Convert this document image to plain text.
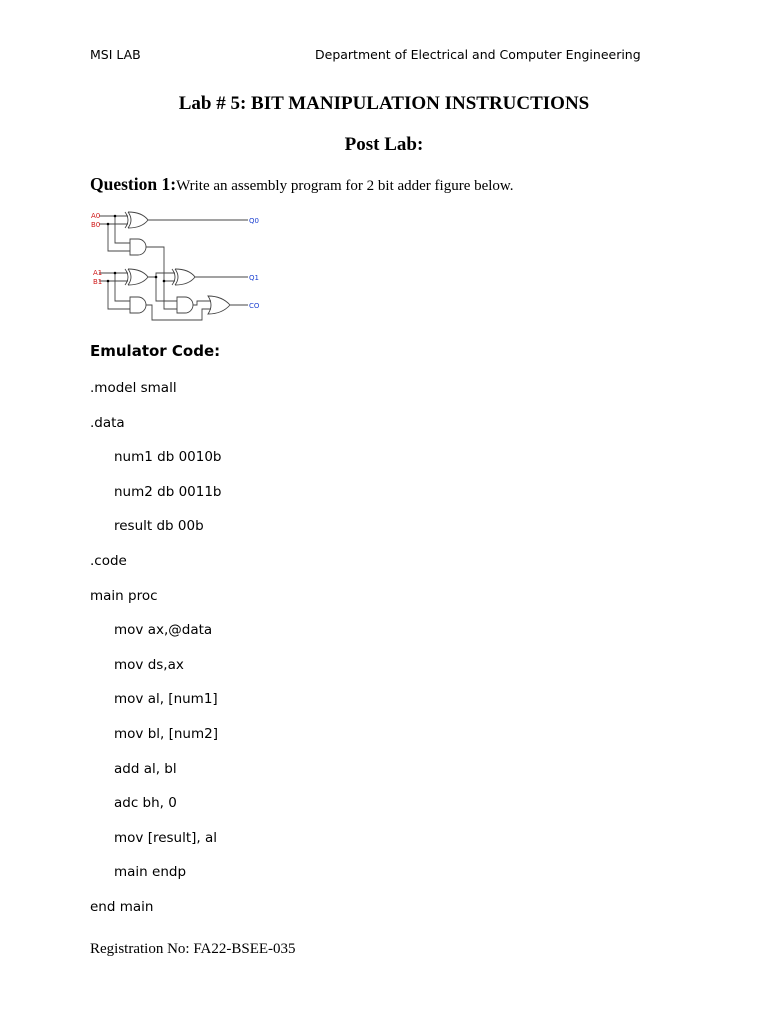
MSI LAB	Department of Electrical and Computer Engineering
Lab # 5: BIT MANIPULATION INSTRUCTIONS
Post Lab:
Question 1:Write an assembly program for 2 bit adder figure below.
A0
B0
A1
B1
Q0
Q1
CO
Emulator Code:
.model small
.data
num1 db 0010b
num2 db 0011b
result db 00b
.code
main proc
mov ax,@data
mov ds,ax
mov al, [num1]
mov bl, [num2]
add al, bl
adc bh, 0
mov [result], al
main endp
end main
Registration No: FA22-BSEE-035
